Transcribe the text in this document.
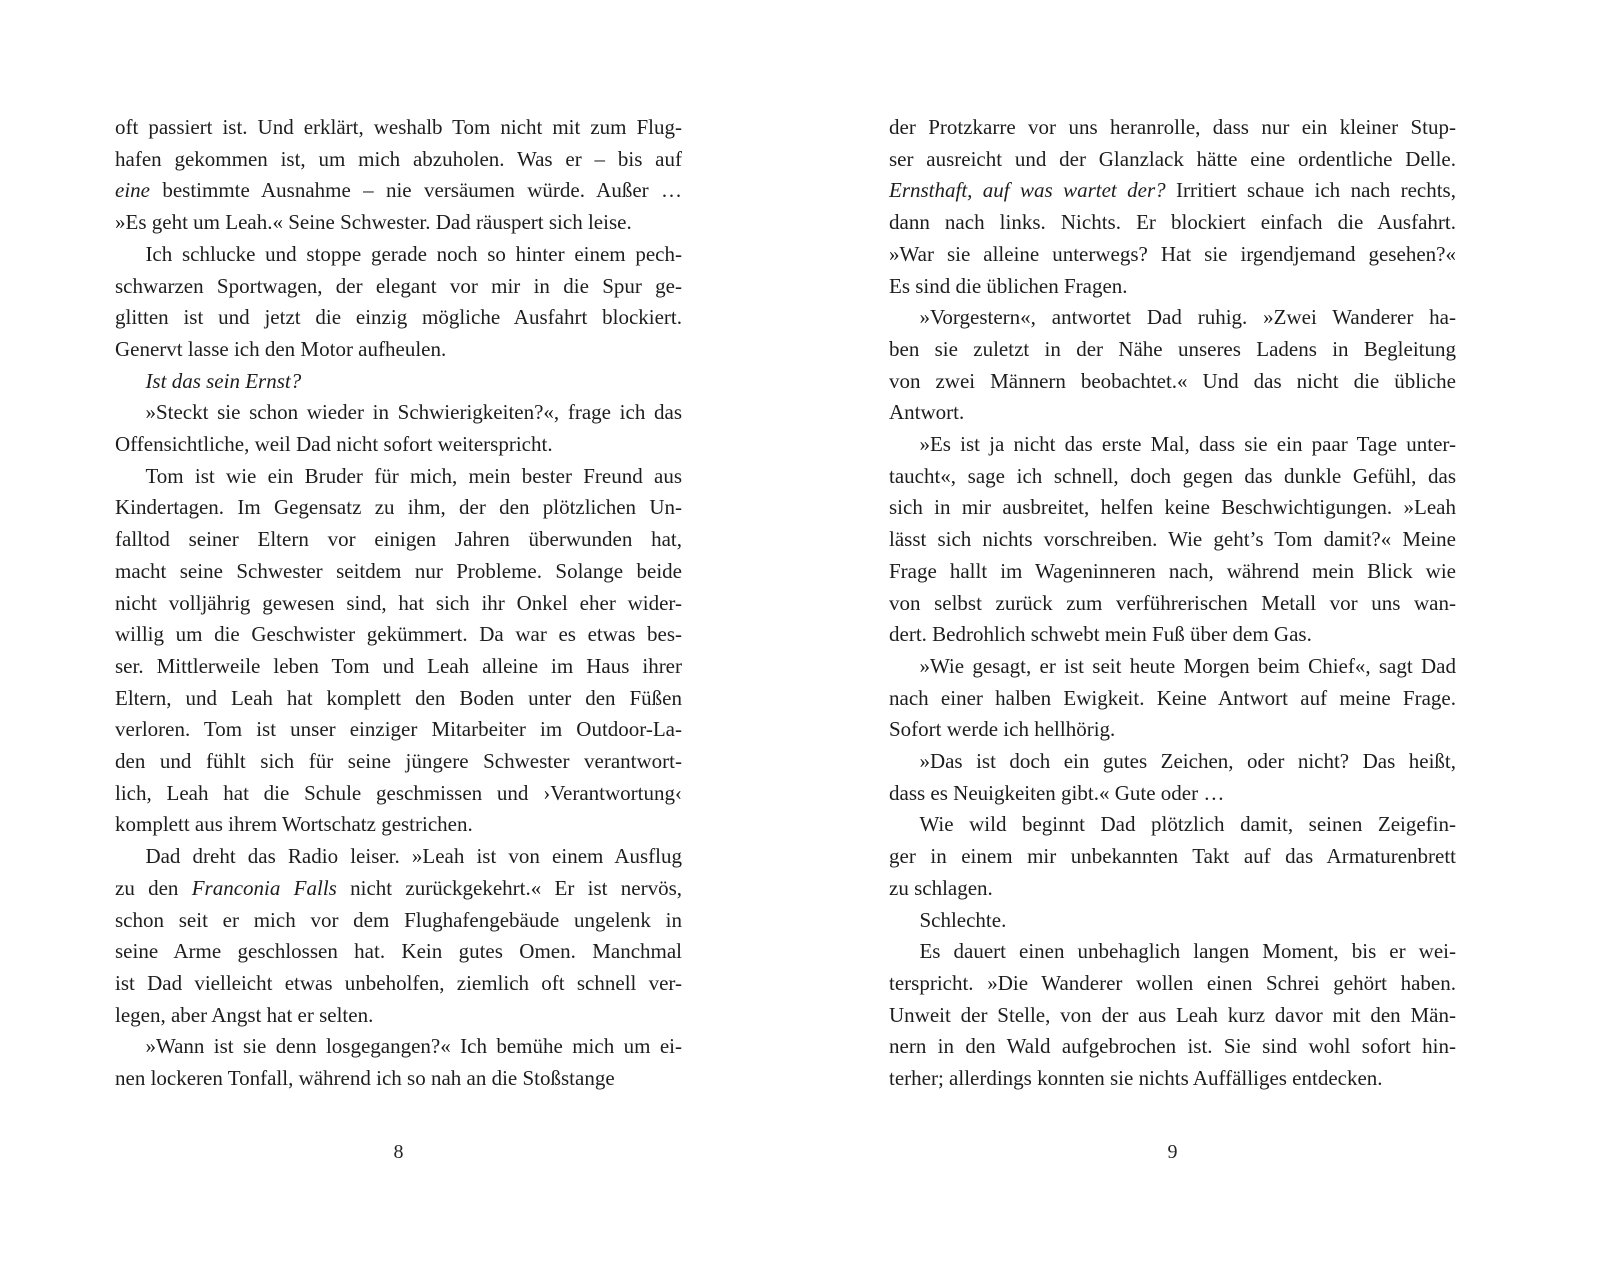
oft passiert ist. Und erklärt, weshalb Tom nicht mit zum Flug-
hafen gekommen ist, um mich abzuholen. Was er – bis auf
eine bestimmte Ausnahme – nie versäumen würde. Außer …
»Es geht um Leah.« Seine Schwester. Dad räuspert sich leise.
Ich schlucke und stoppe gerade noch so hinter einem pech-
schwarzen Sportwagen, der elegant vor mir in die Spur ge-
glitten ist und jetzt die einzig mögliche Ausfahrt blockiert.
Genervt lasse ich den Motor aufheulen.
Ist das sein Ernst?
»Steckt sie schon wieder in Schwierigkeiten?«, frage ich das
Offensichtliche, weil Dad nicht sofort weiterspricht.
Tom ist wie ein Bruder für mich, mein bester Freund aus
Kindertagen. Im Gegensatz zu ihm, der den plötzlichen Un-
falltod seiner Eltern vor einigen Jahren überwunden hat,
macht seine Schwester seitdem nur Probleme. Solange beide
nicht volljährig gewesen sind, hat sich ihr Onkel eher wider-
willig um die Geschwister gekümmert. Da war es etwas bes-
ser. Mittlerweile leben Tom und Leah alleine im Haus ihrer
Eltern, und Leah hat komplett den Boden unter den Füßen
verloren. Tom ist unser einziger Mitarbeiter im Outdoor-La-
den und fühlt sich für seine jüngere Schwester verantwort-
lich, Leah hat die Schule geschmissen und ›Verantwortung‹
komplett aus ihrem Wortschatz gestrichen.
Dad dreht das Radio leiser. »Leah ist von einem Ausflug
zu den Franconia Falls nicht zurückgekehrt.« Er ist nervös,
schon seit er mich vor dem Flughafengebäude ungelenk in
seine Arme geschlossen hat. Kein gutes Omen. Manchmal
ist Dad vielleicht etwas unbeholfen, ziemlich oft schnell ver-
legen, aber Angst hat er selten.
»Wann ist sie denn losgegangen?« Ich bemühe mich um ei-
nen lockeren Tonfall, während ich so nah an die Stoßstange
8
der Protzkarre vor uns heranrolle, dass nur ein kleiner Stup-
ser ausreicht und der Glanzlack hätte eine ordentliche Delle.
Ernsthaft, auf was wartet der? Irritiert schaue ich nach rechts,
dann nach links. Nichts. Er blockiert einfach die Ausfahrt.
»War sie alleine unterwegs? Hat sie irgendjemand gesehen?«
Es sind die üblichen Fragen.
»Vorgestern«, antwortet Dad ruhig. »Zwei Wanderer ha-
ben sie zuletzt in der Nähe unseres Ladens in Begleitung
von zwei Männern beobachtet.« Und das nicht die übliche
Antwort.
»Es ist ja nicht das erste Mal, dass sie ein paar Tage unter-
taucht«, sage ich schnell, doch gegen das dunkle Gefühl, das
sich in mir ausbreitet, helfen keine Beschwichtigungen. »Leah
lässt sich nichts vorschreiben. Wie geht’s Tom damit?« Meine
Frage hallt im Wageninneren nach, während mein Blick wie
von selbst zurück zum verführerischen Metall vor uns wan-
dert. Bedrohlich schwebt mein Fuß über dem Gas.
»Wie gesagt, er ist seit heute Morgen beim Chief«, sagt Dad
nach einer halben Ewigkeit. Keine Antwort auf meine Frage.
Sofort werde ich hellhörig.
»Das ist doch ein gutes Zeichen, oder nicht? Das heißt,
dass es Neuigkeiten gibt.« Gute oder …
Wie wild beginnt Dad plötzlich damit, seinen Zeigefin-
ger in einem mir unbekannten Takt auf das Armaturenbrett
zu schlagen.
Schlechte.
Es dauert einen unbehaglich langen Moment, bis er wei-
terspricht. »Die Wanderer wollen einen Schrei gehört haben.
Unweit der Stelle, von der aus Leah kurz davor mit den Män-
nern in den Wald aufgebrochen ist. Sie sind wohl sofort hin-
terher; allerdings konnten sie nichts Auffälliges entdecken.
9
